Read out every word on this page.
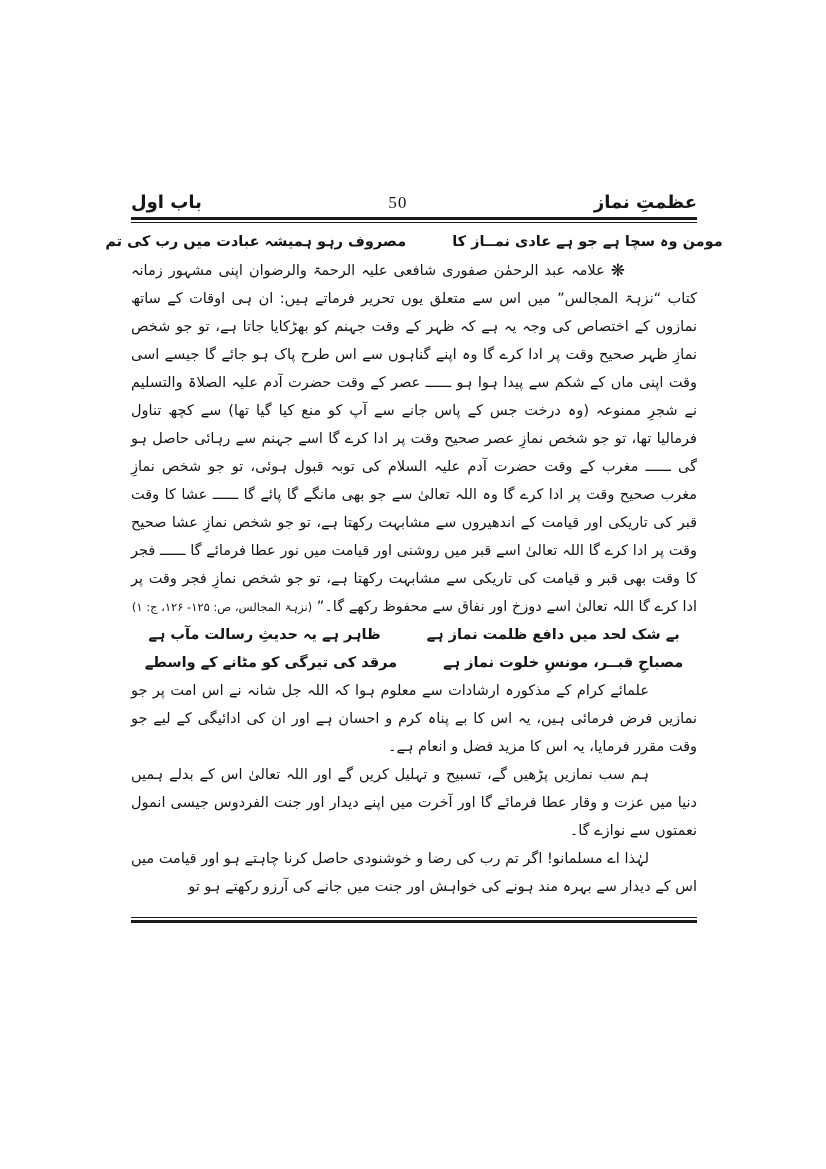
عظمتِ نماز
50
باب اول
مومن وہ سچا ہے جو ہے عادی نمــاز کا
مصروف رہو ہمیشہ عبادت میں رب کی تم

❋ علامہ عبد الرحمٰن صفوری شافعی علیہ الرحمۃ والرضوان اپنی مشہور زمانہ کتاب “نزہۃ المجالس” میں اس سے متعلق یوں تحریر فرماتے ہیں: ان ہی اوقات کے ساتھ نمازوں کے اختصاص کی وجہ یہ ہے کہ ظہر کے وقت جہنم کو بھڑکایا جاتا ہے، تو جو شخص نمازِ ظہر صحیح وقت پر ادا کرے گا وہ اپنے گناہوں سے اس طرح پاک ہو جائے گا جیسے اسی وقت اپنی ماں کے شکم سے پیدا ہوا ہو ــــــ عصر کے وقت حضرت آدم علیہ الصلاۃ والتسلیم نے شجرِ ممنوعہ (وہ درخت جس کے پاس جانے سے آپ کو منع کیا گیا تھا) سے کچھ تناول فرمالیا تھا، تو جو شخص نمازِ عصر صحیح وقت پر ادا کرے گا اسے جہنم سے رہائی حاصل ہو گی ــــــ مغرب کے وقت حضرت آدم علیہ السلام کی توبہ قبول ہوئی، تو جو شخص نمازِ مغرب صحیح وقت پر ادا کرے گا وہ اللہ تعالیٰ سے جو بھی مانگے گا پائے گا ــــــ عشا کا وقت قبر کی تاریکی اور قیامت کے اندھیروں سے مشابہت رکھتا ہے، تو جو شخص نمازِ عشا صحیح وقت پر ادا کرے گا اللہ تعالیٰ اسے قبر میں روشنی اور قیامت میں نور عطا فرمائے گا ــــــ فجر کا وقت بھی قبر و قیامت کی تاریکی سے مشابہت رکھتا ہے، تو جو شخص نمازِ فجر وقت پر ادا کرے گا اللہ تعالیٰ اسے دوزخ اور نفاق سے محفوظ رکھے گا۔” (نزہۃ المجالس، ص: ۱۲۵- ۱۲۶، ج: ۱)

بے شک لحد میں دافع ظلمت نماز ہے
ظاہر ہے یہ حدیثِ رسالت مآب ہے
مصباحِ قبــر، مونسِ خلوت نماز ہے
مرقد کی تیرگی کو مٹانے کے واسطے

علمائے کرام کے مذکورہ ارشادات سے معلوم ہوا کہ اللہ جل شانہ نے اس امت پر جو نمازیں فرض فرمائی ہیں، یہ اس کا بے پناہ کرم و احسان ہے اور ان کی ادائیگی کے لیے جو وقت مقرر فرمایا، یہ اس کا مزید فضل و انعام ہے۔

ہم سب نمازیں پڑھیں گے، تسبیح و تہلیل کریں گے اور اللہ تعالیٰ اس کے بدلے ہمیں دنیا میں عزت و وقار عطا فرمائے گا اور آخرت میں اپنے دیدار اور جنت الفردوس جیسی انمول نعمتوں سے نوازے گا۔

لہٰذا اے مسلمانو! اگر تم رب کی رضا و خوشنودی حاصل کرنا چاہتے ہو اور قیامت میں اس کے دیدار سے بہرہ مند ہونے کی خواہش اور جنت میں جانے کی آرزو رکھتے ہو تو
